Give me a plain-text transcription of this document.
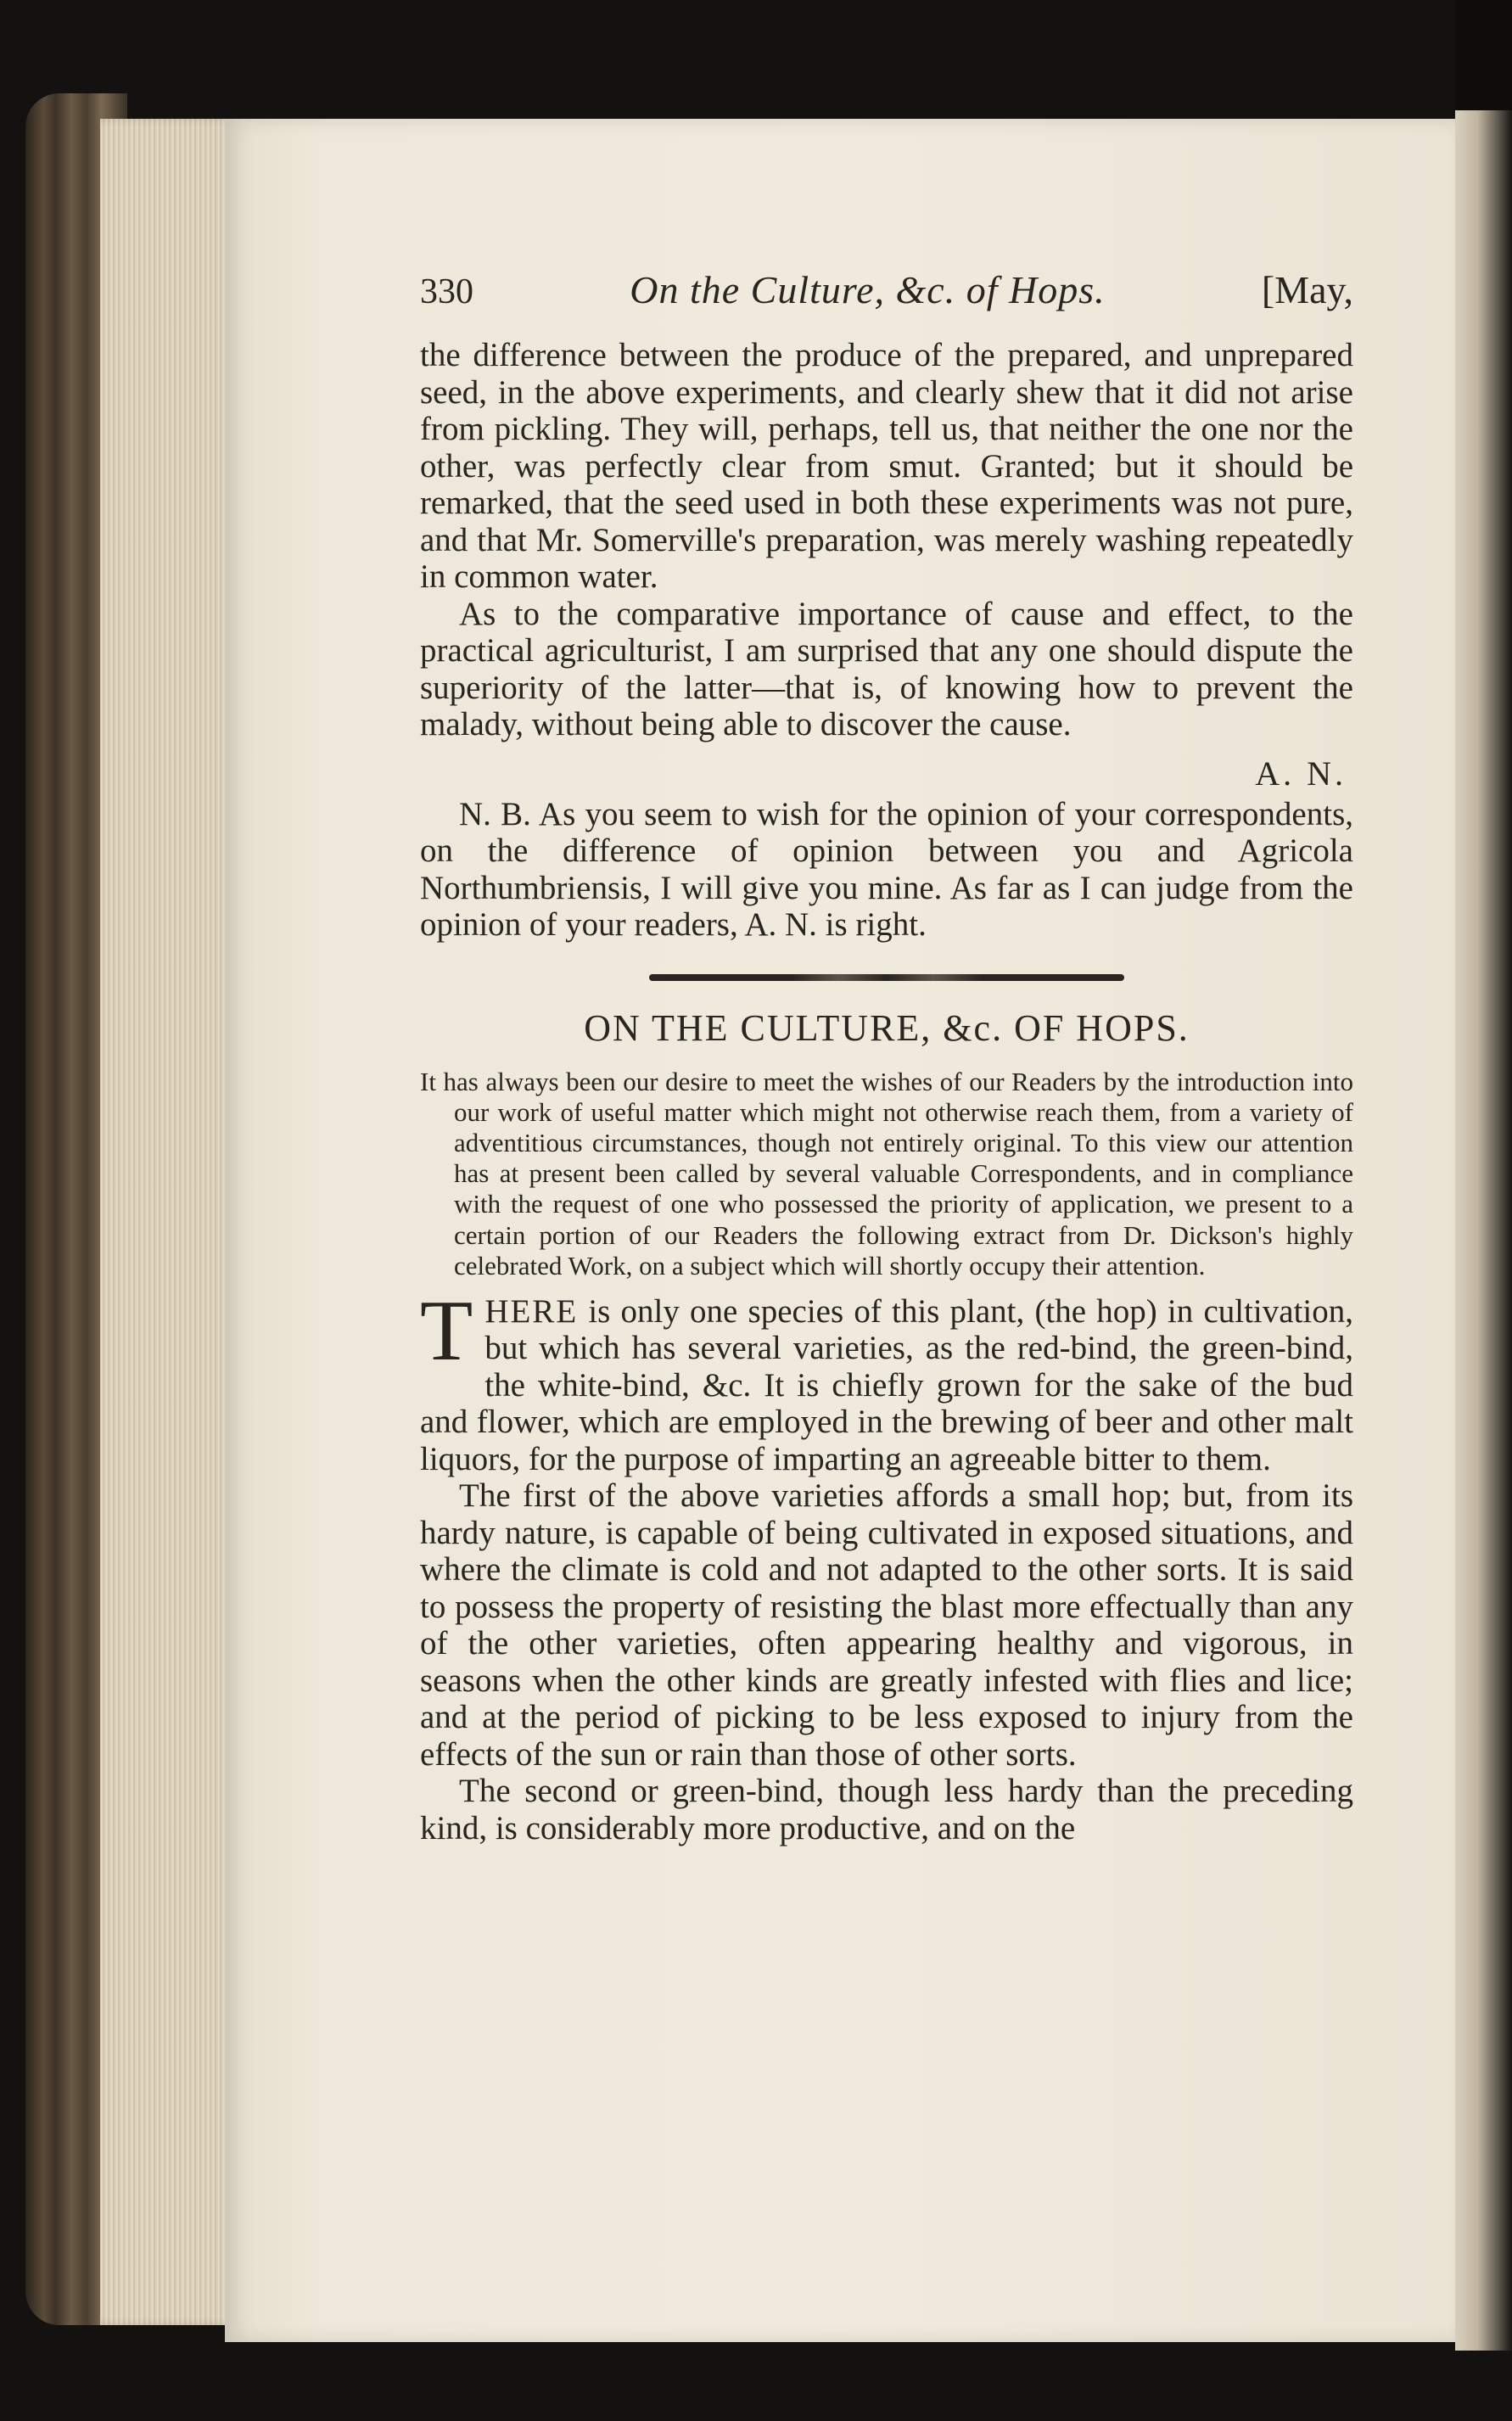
330	On the Culture, &c. of Hops.	[May,

the difference between the produce of the prepared, and unprepared seed, in the above experiments, and clearly shew that it did not arise from pickling. They will, perhaps, tell us, that neither the one nor the other, was perfectly clear from smut. Granted; but it should be remarked, that the seed used in both these experiments was not pure, and that Mr. Somerville's preparation, was merely washing repeatedly in common water.

As to the comparative importance of cause and effect, to the practical agriculturist, I am surprised that any one should dispute the superiority of the latter—that is, of knowing how to prevent the malady, without being able to discover the cause.

A. N.

N. B. As you seem to wish for the opinion of your correspondents, on the difference of opinion between you and Agricola Northumbriensis, I will give you mine. As far as I can judge from the opinion of your readers, A. N. is right.

ON THE CULTURE, &c. OF HOPS.

It has always been our desire to meet the wishes of our Readers by the introduction into our work of useful matter which might not otherwise reach them, from a variety of adventitious circumstances, though not entirely original. To this view our attention has at present been called by several valuable Correspondents, and in compliance with the request of one who possessed the priority of application, we present to a certain portion of our Readers the following extract from Dr. Dickson's highly celebrated Work, on a subject which will shortly occupy their attention.

THERE is only one species of this plant, (the hop) in cultivation, but which has several varieties, as the red-bind, the green-bind, the white-bind, &c. It is chiefly grown for the sake of the bud and flower, which are employed in the brewing of beer and other malt liquors, for the purpose of imparting an agreeable bitter to them.

The first of the above varieties affords a small hop; but, from its hardy nature, is capable of being cultivated in exposed situations, and where the climate is cold and not adapted to the other sorts. It is said to possess the property of resisting the blast more effectually than any of the other varieties, often appearing healthy and vigorous, in seasons when the other kinds are greatly infested with flies and lice; and at the period of picking to be less exposed to injury from the effects of the sun or rain than those of other sorts.

The second or green-bind, though less hardy than the preceding kind, is considerably more productive, and on the
